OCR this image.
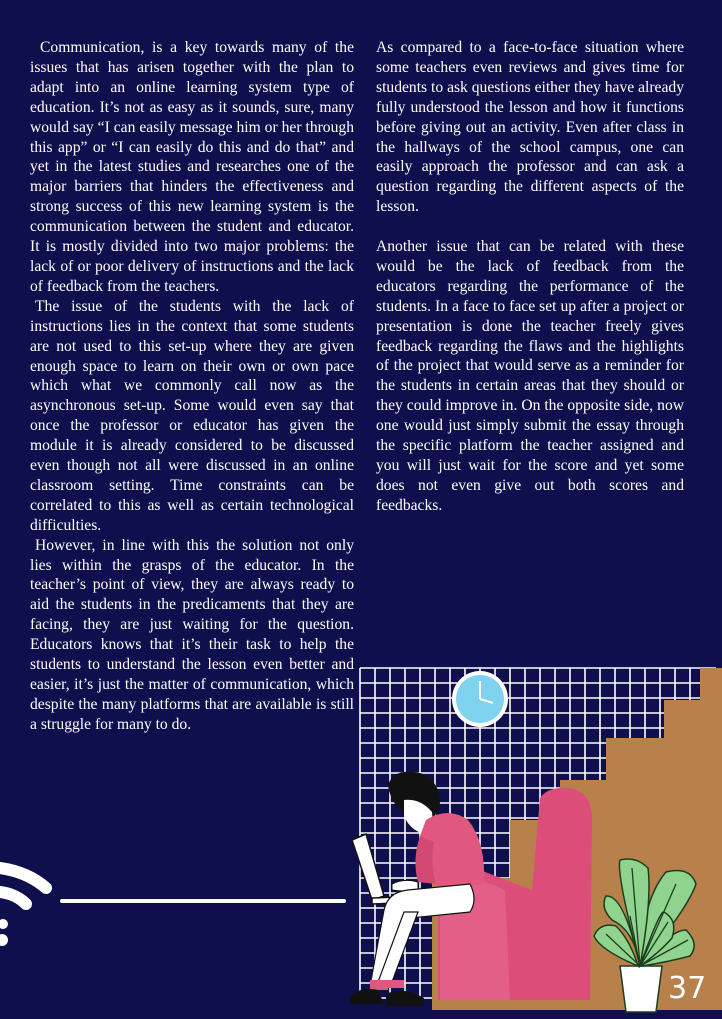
Communication, is a key towards many of the issues that has arisen together with the plan to adapt into an online learning system type of education. It’s not as easy as it sounds, sure, many would say “I can easily message him or her through this app” or “I can easily do this and do that” and yet in the latest studies and researches one of the major barriers that hinders the effectiveness and strong success of this new learning system is the communication between the student and educator. It is mostly divided into two major problems: the lack of or poor delivery of instructions and the lack of feedback from the teachers.

The issue of the students with the lack of instructions lies in the context that some students are not used to this set-up where they are given enough space to learn on their own or own pace which what we commonly call now as the asynchronous set-up. Some would even say that once the professor or educator has given the module it is already considered to be discussed even though not all were discussed in an online classroom setting. Time constraints can be correlated to this as well as certain technological difficulties.

However, in line with this the solution not only lies within the grasps of the educator. In the teacher’s point of view, they are always ready to aid the students in the predicaments that they are facing, they are just waiting for the question. Educators knows that it’s their task to help the students to understand the lesson even better and easier, it’s just the matter of communication, which despite the many platforms that are available is still a struggle for many to do.

As compared to a face-to-face situation where some teachers even reviews and gives time for students to ask questions either they have already fully understood the lesson and how it functions before giving out an activity. Even after class in the hallways of the school campus, one can easily approach the professor and can ask a question regarding the different aspects of the lesson.

Another issue that can be related with these would be the lack of feedback from the educators regarding the performance of the students. In a face to face set up after a project or presentation is done the teacher freely gives feedback regarding the flaws and the highlights of the project that would serve as a reminder for the students in certain areas that they should or they could improve in. On the opposite side, now one would just simply submit the essay through the specific platform the teacher assigned and you will just wait for the score and yet some does not even give out both scores and feedbacks.

37
